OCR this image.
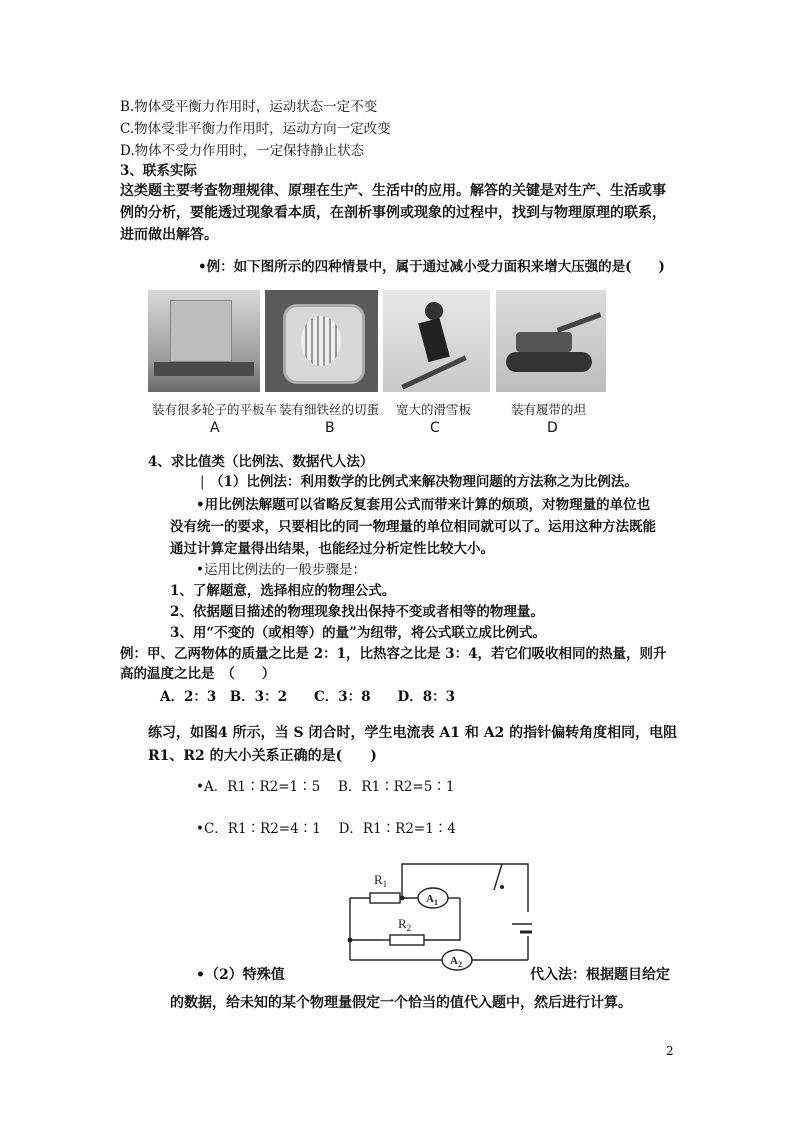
B.物体受平衡力作用时，运动状态一定不变
C.物体受非平衡力作用时，运动方向一定改变
D.物体不受力作用时，一定保持静止状态
3、联系实际
这类题主要考查物理规律、原理在生产、生活中的应用。解答的关键是对生产、生活或事
例的分析，要能透过现象看本质，在剖析事例或现象的过程中，找到与物理原理的联系，
进而做出解答。
•例：如下图所示的四种情景中，属于通过减小受力面积来增大压强的是(　　)
装有很多轮子的平板车 装有细铁丝的切蛋 宽大的滑雪板	装有履带的坦
A	B	C	D
4、求比值类（比例法、数据代人法）
| （1）比例法：利用数学的比例式来解决物理问题的方法称之为比例法。
•用比例法解题可以省略反复套用公式而带来计算的烦琐，对物理量的单位也
没有统一的要求，只要相比的同一物理量的单位相同就可以了。运用这种方法既能
通过计算定量得出结果，也能经过分析定性比较大小。
•运用比例法的一般步骤是：
1、了解题意，选择相应的物理公式。
2、依据题目描述的物理现象找出保持不变或者相等的物理量。
3、用“不变的（或相等）的量”为纽带，将公式联立成比例式。
例：甲、乙两物体的质量之比是 2：1，比热容之比是 3：4，若它们吸收相同的热量，则升
高的温度之比是　（　　）
A．2：3　B．3：2　　C．3：8　　D．8：3
练习，如图4 所示，当 S 闭合时，学生电流表 A1 和 A2 的指针偏转角度相同，电阻
R1、R2 的大小关系正确的是(　　)
•A．R1∶R2=1∶5　 B．R1∶R2=5∶1
•C．R1∶R2=4∶1　 D．R1∶R2=1∶4
$R_1$
$R_2$
$A_1$
$A_2$
•（2）特殊值	代入法：根据题目给定
的数据，给未知的某个物理量假定一个恰当的值代入题中，然后进行计算。
2
